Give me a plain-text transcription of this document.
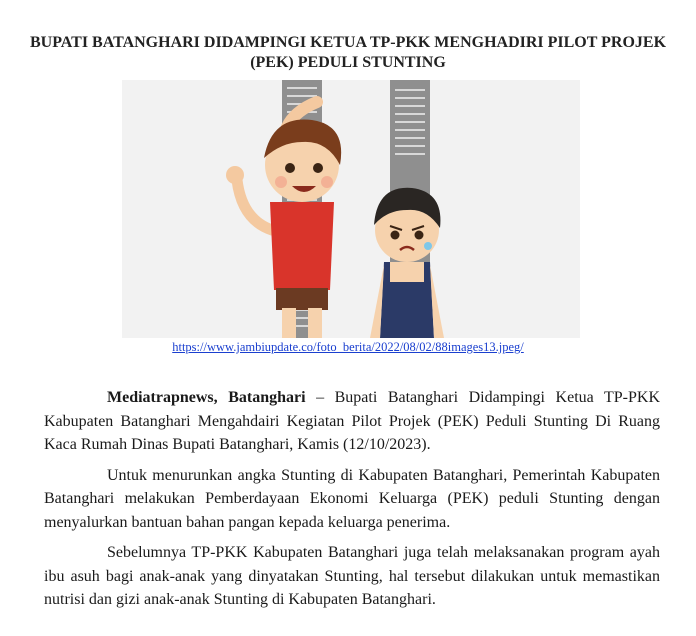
BUPATI BATANGHARI DIDAMPINGI KETUA TP-PKK MENGHADIRI PILOT PROJEK (PEK) PEDULI STUNTING
https://www.jambiupdate.co/foto_berita/2022/08/02/88images13.jpeg/

Mediatrapnews, Batanghari – Bupati Batanghari Didampingi Ketua TP-PKK Kabupaten Batanghari Mengahdairi Kegiatan Pilot Projek (PEK) Peduli Stunting Di Ruang Kaca Rumah Dinas Bupati Batanghari, Kamis (12/10/2023).

Untuk menurunkan angka Stunting di Kabupaten Batanghari, Pemerintah Kabupaten Batanghari melakukan Pemberdayaan Ekonomi Keluarga (PEK) peduli Stunting dengan menyalurkan bantuan bahan pangan kepada keluarga penerima.

Sebelumnya TP-PKK Kabupaten Batanghari juga telah melaksanakan program ayah ibu asuh bagi anak-anak yang dinyatakan Stunting, hal tersebut dilakukan untuk memastikan nutrisi dan gizi anak-anak Stunting di Kabupaten Batanghari.
